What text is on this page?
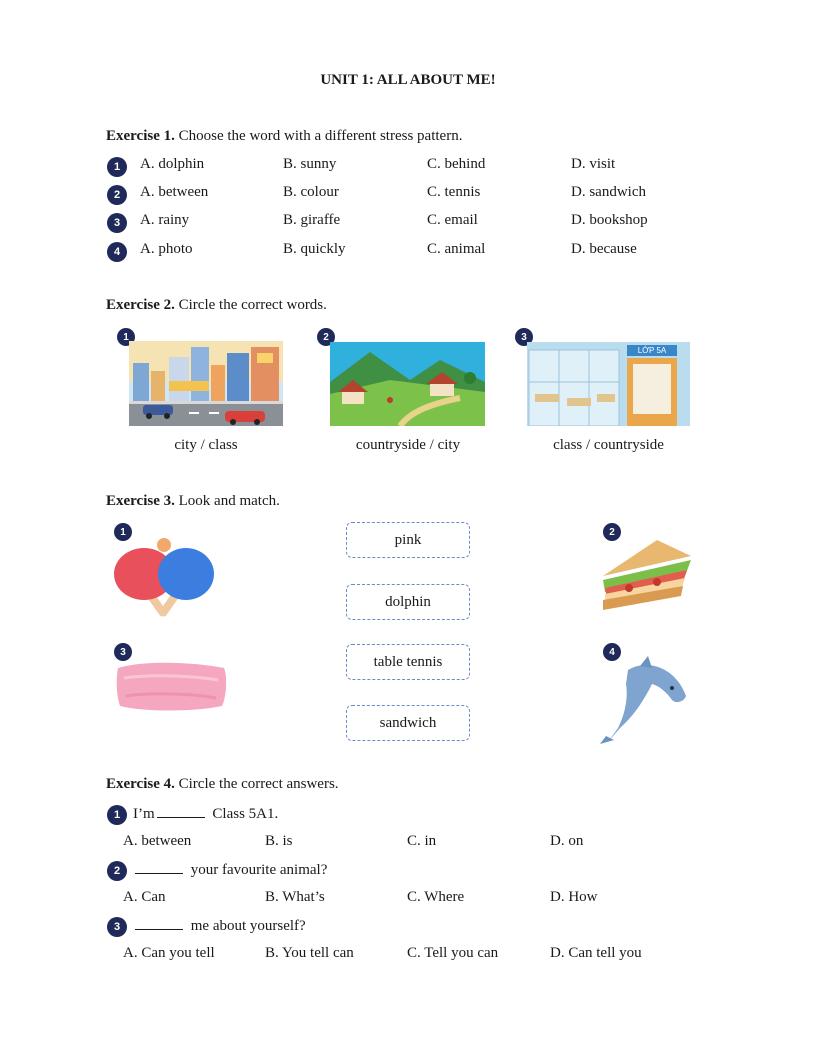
UNIT 1: ALL ABOUT ME!
Exercise 1. Choose the word with a different stress pattern.
1	A. dolphin	B. sunny	C. behind	D. visit
2	A. between	B. colour	C. tennis	D. sandwich
3	A. rainy	B. giraffe	C. email	D. bookshop
4	A. photo	B. quickly	C. animal	D. because
Exercise 2. Circle the correct words.
1
city / class
2
countryside / city
3
LỚP 5A
class / countryside
Exercise 3. Look and match.
1	2
3	4
pink
dolphin
table tennis
sandwich
Exercise 4. Circle the correct answers.
1 I’m	Class 5A1.
A. between	B. is	C. in	D. on
2	your favourite animal?
A. Can	B. What’s	C. Where	D. How
3	me about yourself?
A. Can you tell	B. You tell can	C. Tell you can	D. Can tell you
